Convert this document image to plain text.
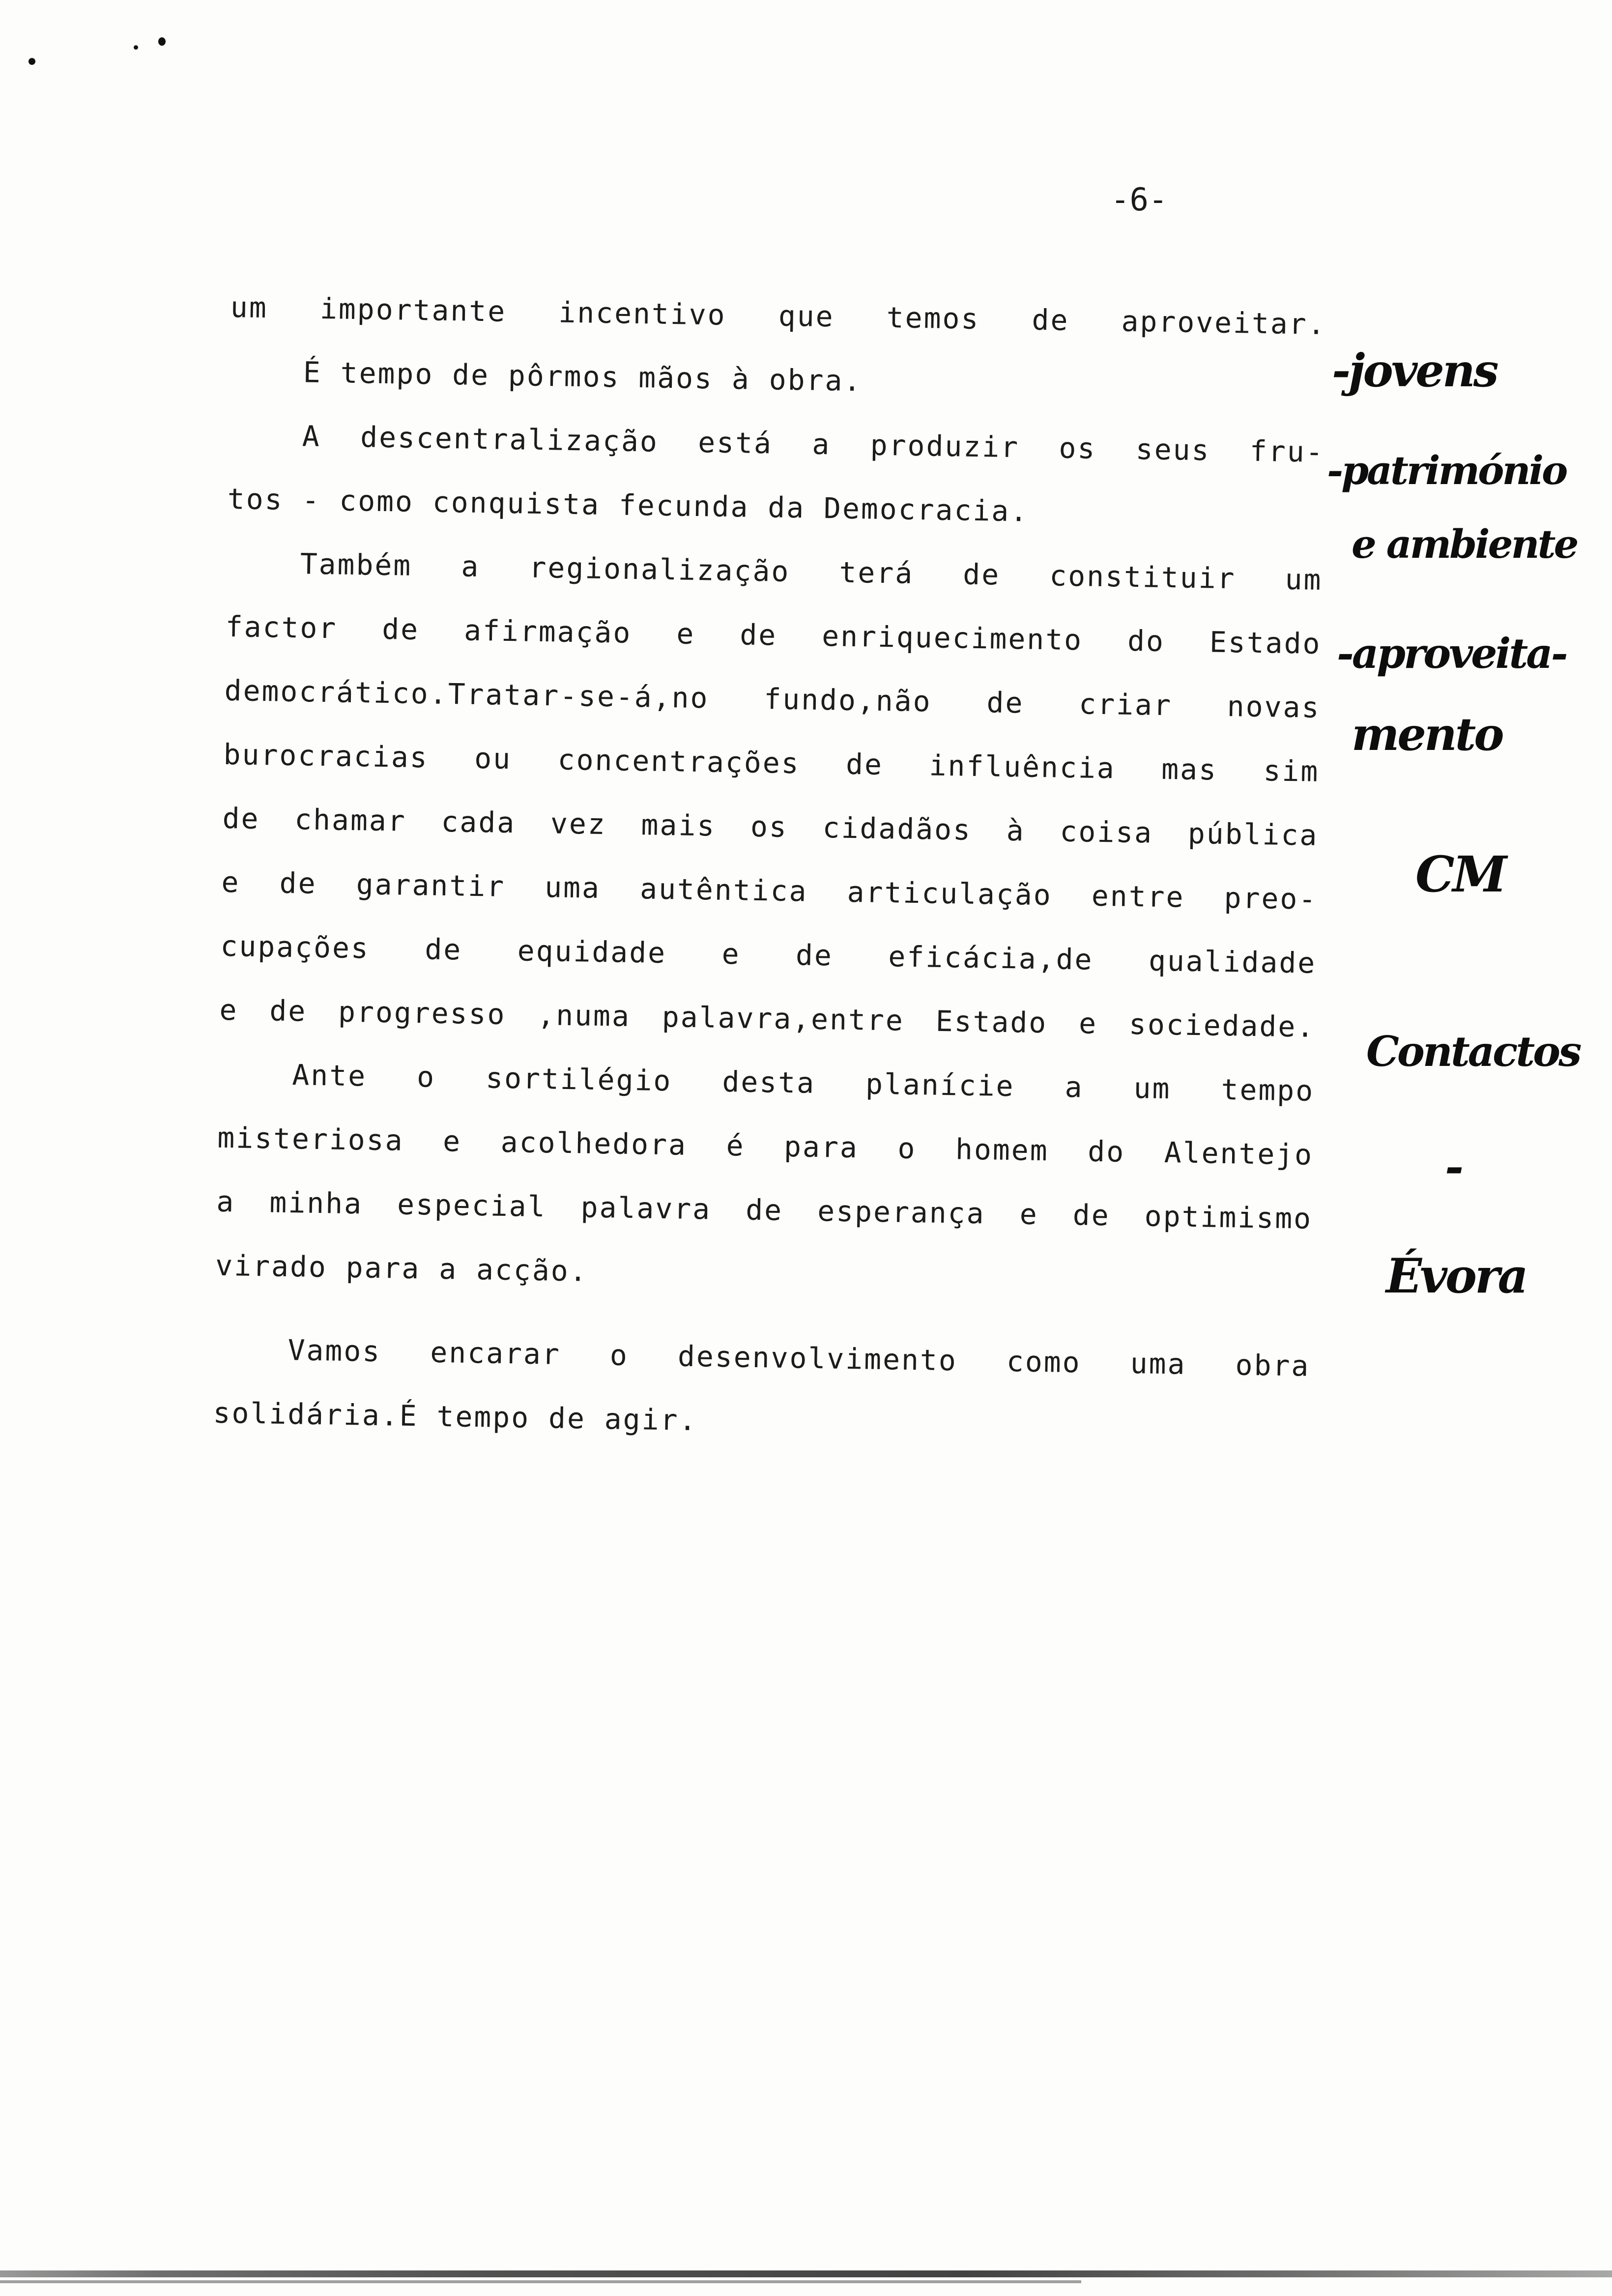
-6-
um importante incentivo que temos de aproveitar.
É tempo de pôrmos mãos à obra.
A descentralização está a produzir os seus fru-
tos - como conquista fecunda da Democracia.
Também a regionalização terá de constituir um
factor de afirmação e de enriquecimento do Estado
democrático.Tratar-se-á,no fundo,não de criar novas
burocracias ou concentrações de influência mas sim
de chamar cada vez mais os cidadãos à coisa pública
e de garantir uma autêntica articulação entre preo-
cupações de equidade e de eficácia,de qualidade
e de progresso ,numa palavra,entre Estado e sociedade.
Ante o sortilégio desta planície a um tempo
misteriosa e acolhedora é para o homem do Alentejo
a minha especial palavra de esperança e de optimismo
virado para a acção.
Vamos encarar o desenvolvimento como uma obra
solidária.É tempo de agir.
-jovens
-património
e ambiente
-aproveita-
mento
CM
Contactos
-
Évora
